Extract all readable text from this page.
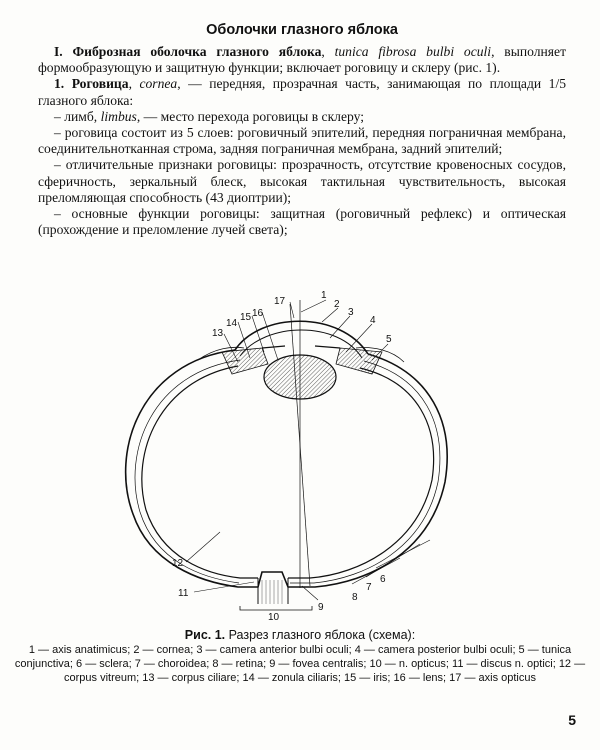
Оболочки глазного яблока

I. Фиброзная оболочка глазного яблока, tunica fibrosa bulbi oculi, выполняет формообразующую и защитную функции; включает роговицу и склеру (рис. 1).

1. Роговица, cornea, — передняя, прозрачная часть, занимающая по площади 1/5 глазного яблока:

– лимб, limbus, — место перехода роговицы в склеру;

– роговица состоит из 5 слоев: роговичный эпителий, передняя пограничная мембрана, соединительнотканная строма, задняя пограничная мембрана, задний эпителий;

– отличительные признаки роговицы: прозрачность, отсутствие кровеносных сосудов, сферичность, зеркальный блеск, высокая тактильная чувствительность, высокая преломляющая способность (43 диоптрии);

– основные функции роговицы: защитная (роговичный рефлекс) и оптическая (прохождение и преломление лучей света);

1
2
3
4
5
6
7
8
9
10
11
12
13
14
15 16
17
Рис. 1. Разрез глазного яблока (схема):
1 — axis anatimicus; 2 — cornea; 3 — camera anterior bulbi oculi; 4 — camera posterior bulbi oculi; 5 — tunica conjunctiva; 6 — sclera; 7 — choroidea; 8 — retina; 9 — fovea centralis; 10 — n. opticus; 11 — discus n. optici; 12 — corpus vitreum; 13 — corpus ciliare; 14 — zonula ciliaris; 15 — iris; 16 — lens; 17 — axis opticus
5
